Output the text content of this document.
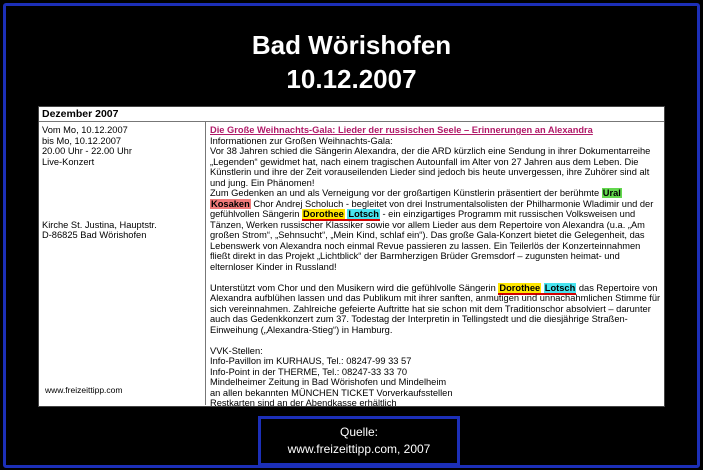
Bad Wörishofen
10.12.2007
Dezember 2007
Vom Mo, 10.12.2007
bis Mo, 10.12.2007
20.00 Uhr - 22.00 Uhr
Live-Konzert
Kirche St. Justina, Hauptstr.
D-86825 Bad Wörishofen
www.freizeittipp.com
Die Große Weihnachts-Gala: Lieder der russischen Seele – Erinnerungen an Alexandra
Informationen zur Großen Weihnachts-Gala:

Vor 38 Jahren schied die Sängerin Alexandra, der die ARD kürzlich eine Sendung in ihrer Dokumentarreihe „Legenden“ gewidmet hat, nach einem tragischen Autounfall im Alter von 27 Jahren aus dem Leben. Die Künstlerin und ihre der Zeit vorauseilenden Lieder sind jedoch bis heute unvergessen, ihre Zuhörer sind alt und jung. Ein Phänomen!

Zum Gedenken an und als Verneigung vor der großartigen Künstlerin präsentiert der berühmte Ural Kosaken Chor Andrej Scholuch - begleitet von drei Instrumentalsolisten der Philharmonie Wladimir und der gefühlvollen Sängerin Dorothee Lotsch - ein einzigartiges Programm mit russischen Volksweisen und Tänzen, Werken russischer Klassiker sowie vor allem Lieder aus dem Repertoire von Alexandra (u.a. „Am großen Strom“, „Sehnsucht“, „Mein Kind, schlaf ein“). Das große Gala-Konzert bietet die Gelegenheit, das Lebenswerk von Alexandra noch einmal Revue passieren zu lassen. Ein Teilerlös der Konzerteinnahmen fließt direkt in das Projekt „Lichtblick“ der Barmherzigen Brüder Gremsdorf – zugunsten heimat- und elternloser Kinder in Russland!

Unterstützt vom Chor und den Musikern wird die gefühlvolle Sängerin Dorothee Lotsch das Repertoire von Alexandra aufblühen lassen und das Publikum mit ihrer sanften, anmutigen und unnachahmlichen Stimme für sich vereinnahmen. Zahlreiche gefeierte Auftritte hat sie schon mit dem Traditionschor absolviert – darunter auch das Gedenkkonzert zum 37. Todestag der Interpretin in Tellingstedt und die diesjährige Straßen-Einweihung („Alexandra-Stieg“) in Hamburg.

VVK-Stellen:
Info-Pavillon im KURHAUS, Tel.: 08247-99 33 57
Info-Point in der THERME, Tel.: 08247-33 33 70
Mindelheimer Zeitung in Bad Wörishofen und Mindelheim
an allen bekannten MÜNCHEN TICKET Vorverkaufsstellen
Restkarten sind an der Abendkasse erhältlich
Quelle:
www.freizeittipp.com, 2007
